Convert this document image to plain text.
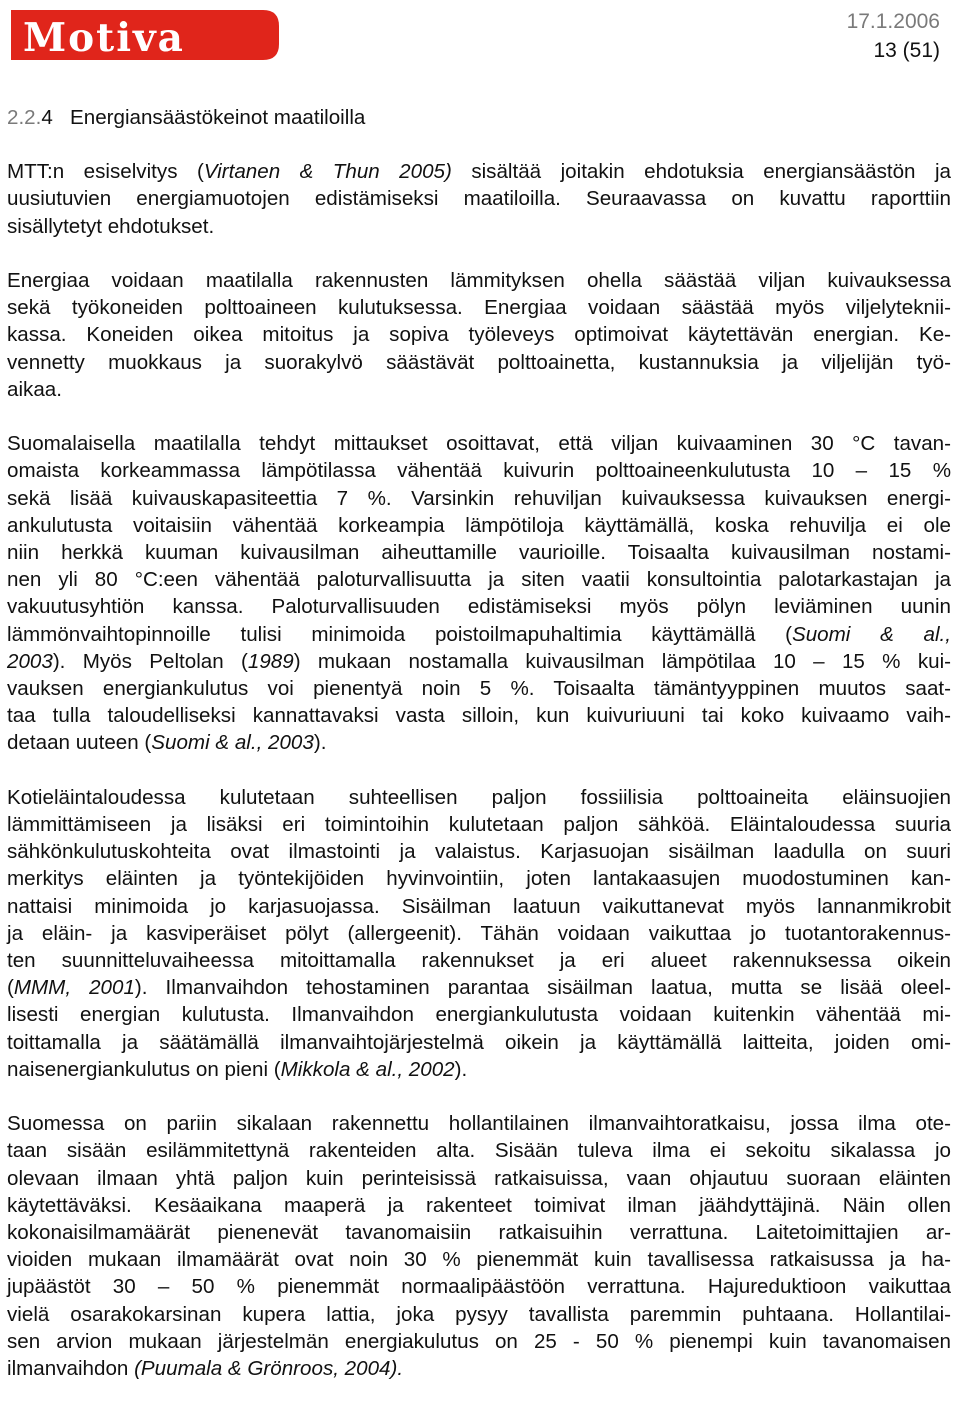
Motiva	17.1.2006
13 (51)
2.2.4 Energiansäästökeinot maatiloilla
MTT:n esiselvitys (Virtanen & Thun 2005) sisältää joitakin ehdotuksia energiansäästön ja
uusiutuvien energiamuotojen edistämiseksi maatiloilla. Seuraavassa on kuvattu raporttiin
sisällytetyt ehdotukset.
Energiaa voidaan maatilalla rakennusten lämmityksen ohella säästää viljan kuivauksessa
sekä työkoneiden polttoaineen kulutuksessa. Energiaa voidaan säästää myös viljelyteknii-
kassa. Koneiden oikea mitoitus ja sopiva työleveys optimoivat käytettävän energian. Ke-
vennetty muokkaus ja suorakylvö säästävät polttoainetta, kustannuksia ja viljelijän työ-
aikaa.
Suomalaisella maatilalla tehdyt mittaukset osoittavat, että viljan kuivaaminen 30 °C tavan-
omaista korkeammassa lämpötilassa vähentää kuivurin polttoaineenkulutusta 10 – 15 %
sekä lisää kuivauskapasiteettia 7 %. Varsinkin rehuviljan kuivauksessa kuivauksen energi-
ankulutusta voitaisiin vähentää korkeampia lämpötiloja käyttämällä, koska rehuvilja ei ole
niin herkkä kuuman kuivausilman aiheuttamille vaurioille. Toisaalta kuivausilman nostami-
nen yli 80 °C:een vähentää paloturvallisuutta ja siten vaatii konsultointia palotarkastajan ja
vakuutusyhtiön kanssa. Paloturvallisuuden edistämiseksi myös pölyn leviäminen uunin
lämmönvaihtopinnoille tulisi minimoida poistoilmapuhaltimia käyttämällä (Suomi & al.,
2003). Myös Peltolan (1989) mukaan nostamalla kuivausilman lämpötilaa 10 – 15 % kui-
vauksen energiankulutus voi pienentyä noin 5 %. Toisaalta tämäntyyppinen muutos saat-
taa tulla taloudelliseksi kannattavaksi vasta silloin, kun kuivuriuuni tai koko kuivaamo vaih-
detaan uuteen (Suomi & al., 2003).
Kotieläintaloudessa kulutetaan suhteellisen paljon fossiilisia polttoaineita eläinsuojien
lämmittämiseen ja lisäksi eri toimintoihin kulutetaan paljon sähköä. Eläintaloudessa suuria
sähkönkulutuskohteita ovat ilmastointi ja valaistus. Karjasuojan sisäilman laadulla on suuri
merkitys eläinten ja työntekijöiden hyvinvointiin, joten lantakaasujen muodostuminen kan-
nattaisi minimoida jo karjasuojassa. Sisäilman laatuun vaikuttanevat myös lannanmikrobit
ja eläin- ja kasviperäiset pölyt (allergeenit). Tähän voidaan vaikuttaa jo tuotantorakennus-
ten suunnitteluvaiheessa mitoittamalla rakennukset ja eri alueet rakennuksessa oikein
(MMM, 2001). Ilmanvaihdon tehostaminen parantaa sisäilman laatua, mutta se lisää oleel-
lisesti energian kulutusta. Ilmanvaihdon energiankulutusta voidaan kuitenkin vähentää mi-
toittamalla ja säätämällä ilmanvaihtojärjestelmä oikein ja käyttämällä laitteita, joiden omi-
naisenergiankulutus on pieni (Mikkola & al., 2002).
Suomessa on pariin sikalaan rakennettu hollantilainen ilmanvaihtoratkaisu, jossa ilma ote-
taan sisään esilämmitettynä rakenteiden alta. Sisään tuleva ilma ei sekoitu sikalassa jo
olevaan ilmaan yhtä paljon kuin perinteisissä ratkaisuissa, vaan ohjautuu suoraan eläinten
käytettäväksi. Kesäaikana maaperä ja rakenteet toimivat ilman jäähdyttäjinä. Näin ollen
kokonaisilmamäärät pienenevät tavanomaisiin ratkaisuihin verrattuna. Laitetoimittajien ar-
vioiden mukaan ilmamäärät ovat noin 30 % pienemmät kuin tavallisessa ratkaisussa ja ha-
jupäästöt 30 – 50 % pienemmät normaalipäästöön verrattuna. Hajureduktioon vaikuttaa
vielä osarakokarsinan kupera lattia, joka pysyy tavallista paremmin puhtaana. Hollantilai-
sen arvion mukaan järjestelmän energiakulutus on 25 - 50 % pienempi kuin tavanomaisen
ilmanvaihdon (Puumala & Grönroos, 2004).
